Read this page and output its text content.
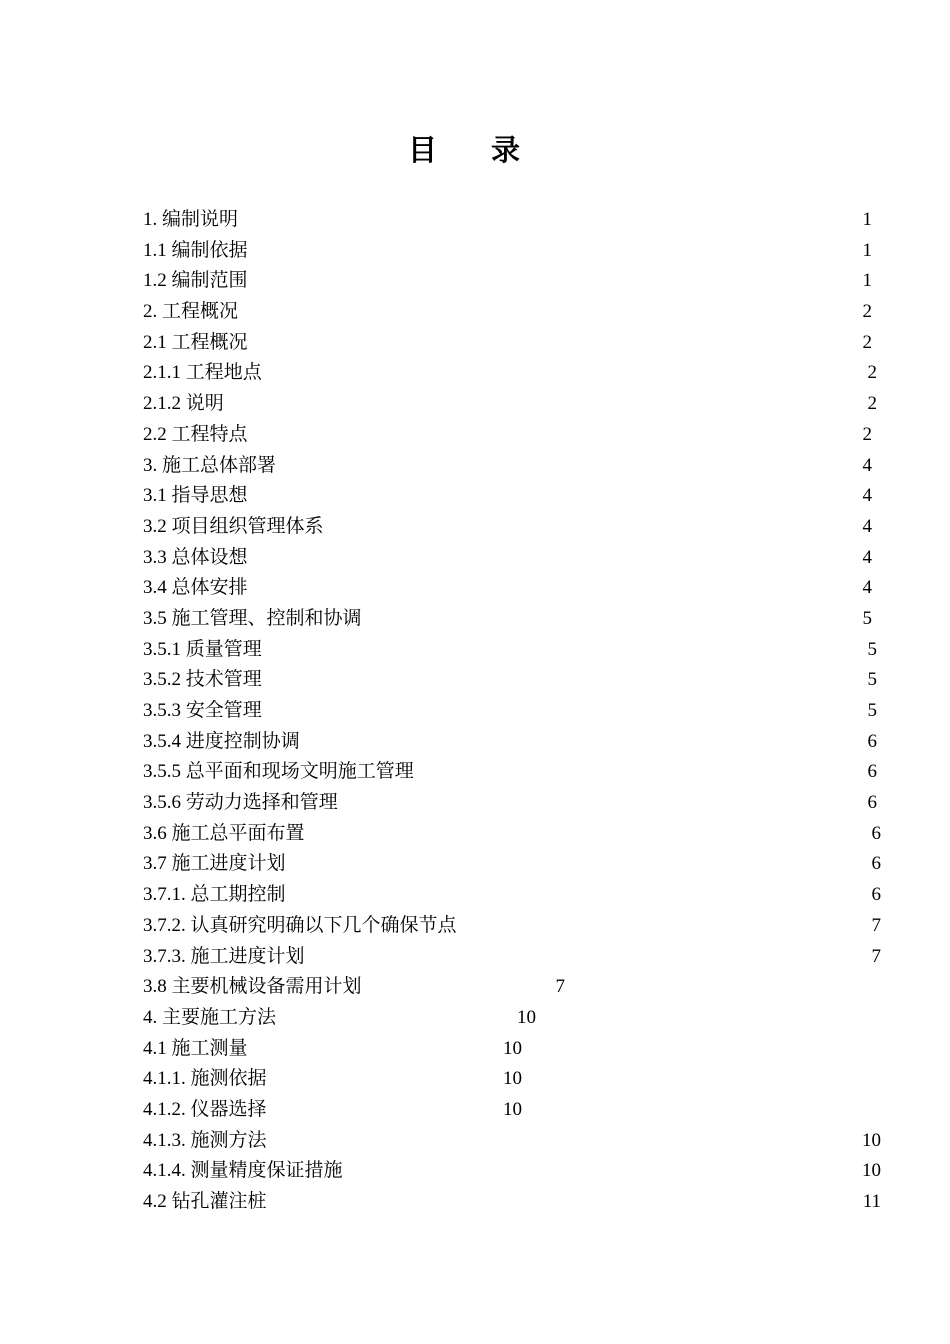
目录
1. 编制说明	1
1.1 编制依据	1
1.2 编制范围	1
2. 工程概况	2
2.1 工程概况	2
2.1.1 工程地点	2
2.1.2 说明	2
2.2 工程特点	2
3. 施工总体部署	4
3.1 指导思想	4
3.2 项目组织管理体系	4
3.3 总体设想	4
3.4 总体安排	4
3.5 施工管理、控制和协调	5
3.5.1 质量管理	5
3.5.2 技术管理	5
3.5.3 安全管理	5
3.5.4 进度控制协调	6
3.5.5 总平面和现场文明施工管理	6
3.5.6 劳动力选择和管理	6
3.6 施工总平面布置	6
3.7 施工进度计划	6
3.7.1. 总工期控制	6
3.7.2. 认真研究明确以下几个确保节点	7
3.7.3. 施工进度计划	7
3.8 主要机械设备需用计划	7
4. 主要施工方法	10
4.1 施工测量	10
4.1.1. 施测依据	10
4.1.2. 仪器选择	10
4.1.3. 施测方法	10
4.1.4. 测量精度保证措施	10
4.2 钻孔灌注桩	11
